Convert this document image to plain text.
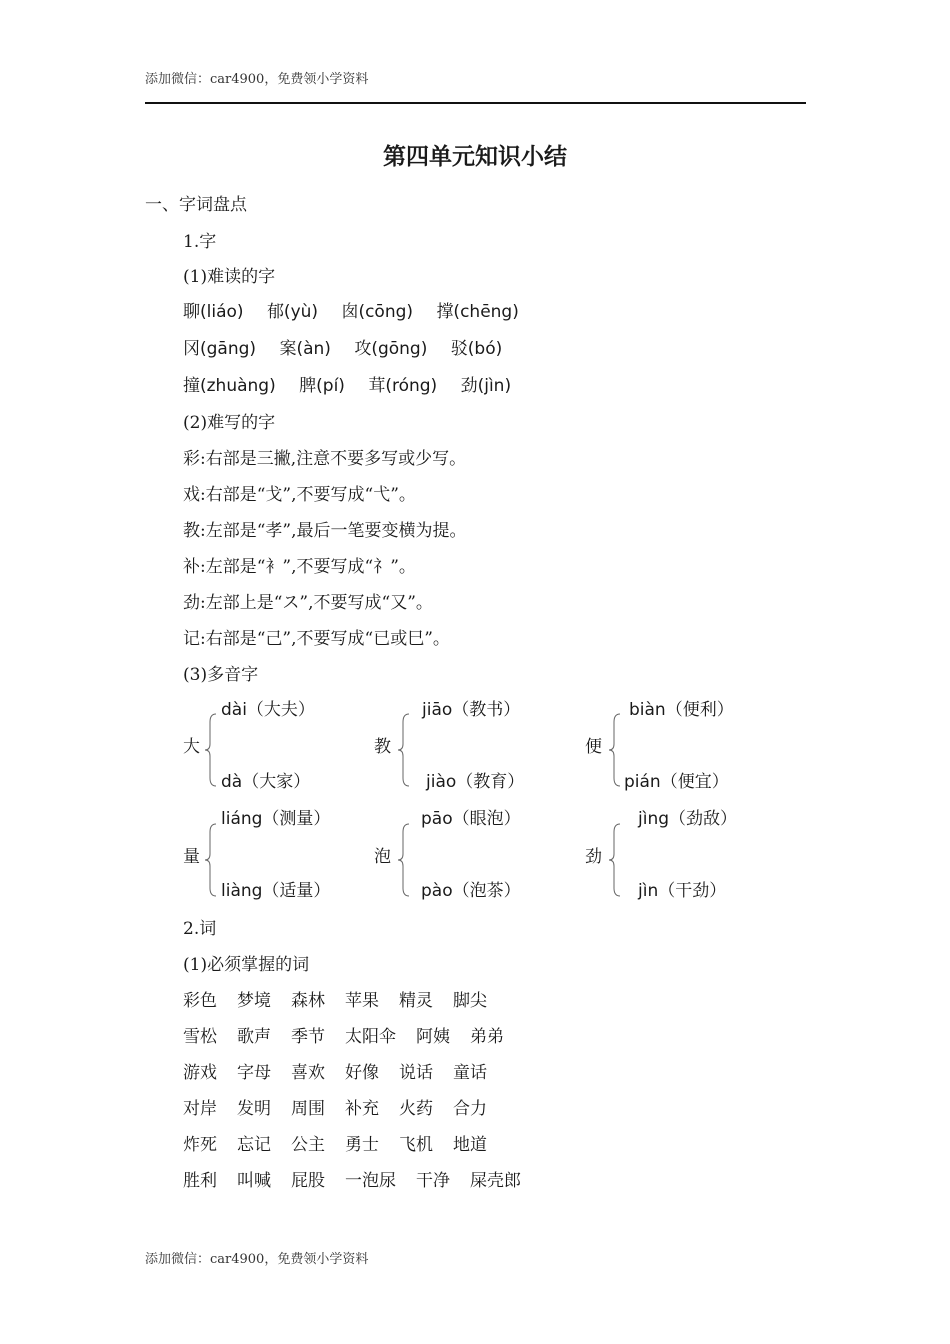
添加微信：car4900，免费领小学资料
第四单元知识小结
一、字词盘点
1.字
(1)难读的字
聊(liáo) 郁(yù) 囱(cōng) 撑(chēng)
冈(gāng) 案(àn) 攻(gōng) 驳(bó)
撞(zhuàng) 脾(pí) 茸(róng) 劲(jìn)
(2)难写的字
彩:右部是三撇,注意不要多写或少写。
戏:右部是“戈”,不要写成“弋”。
教:左部是“孝”,最后一笔要变横为提。
补:左部是“衤”,不要写成“礻”。
劲:左部上是“ス”,不要写成“又”。
记:右部是“己”,不要写成“已或巳”。
(3)多音字
大
dài（大夫）
dà（大家）
教
jiāo（教书）
jiào（教育）
便
biàn（便利）
pián（便宜）
量
liáng（测量）
liàng（适量）
泡
pāo（眼泡）
pào（泡茶）
劲
jìng（劲敌）
jìn（干劲）
2.词
(1)必须掌握的词
彩色 梦境 森林 苹果 精灵 脚尖
雪松 歌声 季节 太阳伞 阿姨 弟弟
游戏 字母 喜欢 好像 说话 童话
对岸 发明 周围 补充 火药 合力
炸死 忘记 公主 勇士 飞机 地道
胜利 叫喊 屁股 一泡尿 干净 屎壳郎
添加微信：car4900，免费领小学资料
